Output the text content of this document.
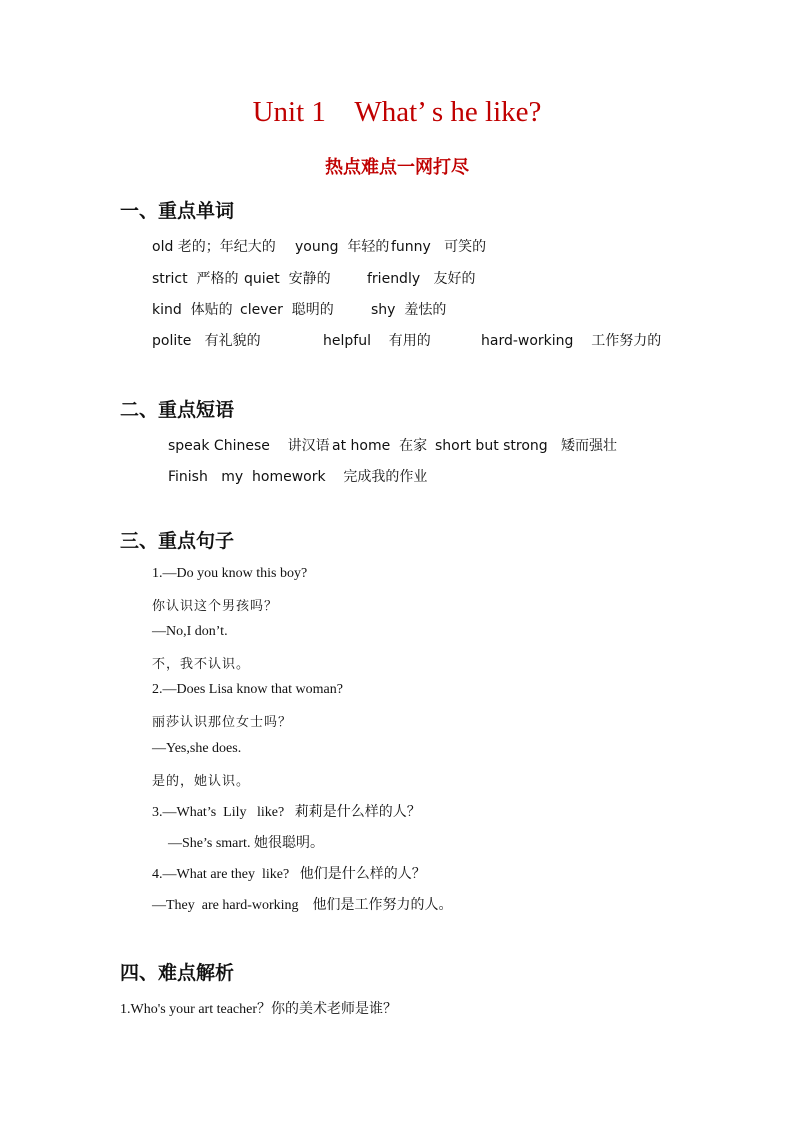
Unit 1    What’ s he like?
热点难点一网打尽
一、重点单词
old 老的；年纪大的 young  年轻的 funny   可笑的
strict  严格的 quiet  安静的	friendly   友好的
kind  体贴的 clever  聪明的	shy  羞怯的
polite   有礼貌的	helpful    有用的	hard-working    工作努力的
二、重点短语
speak Chinese    讲汉语 at home  在家 short but strong   矮而强壮
Finish   my  homework    完成我的作业
三、重点句子
1.—Do you know this boy?
你认识这个男孩吗？
—No,I don’t.
不，我不认识。
2.—Does Lisa know that woman?
丽莎认识那位女士吗？
—Yes,she does.
是的，她认识。
3.—What’s  Lily   like?   莉莉是什么样的人？
—She’s smart. 她很聪明。
4.—What are they  like?   他们是什么样的人？
—They  are hard-working    他们是工作努力的人。
四、难点解析
1.Who's your art teacher？你的美术老师是谁？
